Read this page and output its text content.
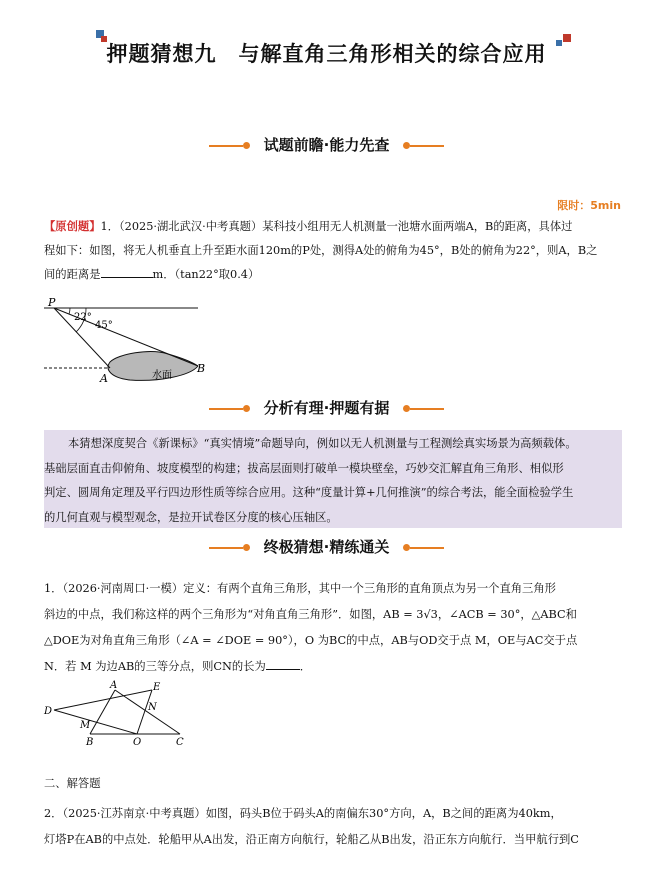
押题猜想九 与解直角三角形相关的综合应用
试题前瞻·能力先查
限时：5min
【原创题】1．（2025·湖北武汉·中考真题）某科技小组用无人机测量一池塘水面两端A，B的距离，具体过
程如下：如图，将无人机垂直上升至距水面120m的P处，测得A处的俯角为45°，B处的俯角为22°，则A，B之
间的距离是	m．（tan22°取0.4）
P
A
B
22°
45°
水面
分析有理·押题有据

本猜想深度契合《新课标》“真实情境”命题导向，例如以无人机测量与工程测绘真实场景为高频载体。

基础层面直击仰俯角、坡度模型的构建；拔高层面则打破单一模块壁垒，巧妙交汇解直角三角形、相似形
判定、圆周角定理及平行四边形性质等综合应用。这种“度量计算+几何推演”的综合考法，能全面检验学生
的几何直观与模型观念，是拉开试卷区分度的核心压轴区。
终极猜想·精练通关
1．（2026·河南周口·一模）定义：有两个直角三角形，其中一个三角形的直角顶点为另一个直角三角形
斜边的中点，我们称这样的两个三角形为“对角直角三角形”．如图，AB = 3√3，∠ACB = 30°，△ABC和
△DOE为对角直角三角形（∠A = ∠DOE = 90°），O 为BC的中点，AB与OD交于点 M，OE与AC交于点
N．若 M 为边AB的三等分点，则CN的长为	．
A	E
D	N
M
B	O	C
二、解答题
2．（2025·江苏南京·中考真题）如图，码头B位于码头A的南偏东30°方向，A，B之间的距离为40km，
灯塔P在AB的中点处．轮船甲从A出发，沿正南方向航行，轮船乙从B出发，沿正东方向航行．当甲航行到C
